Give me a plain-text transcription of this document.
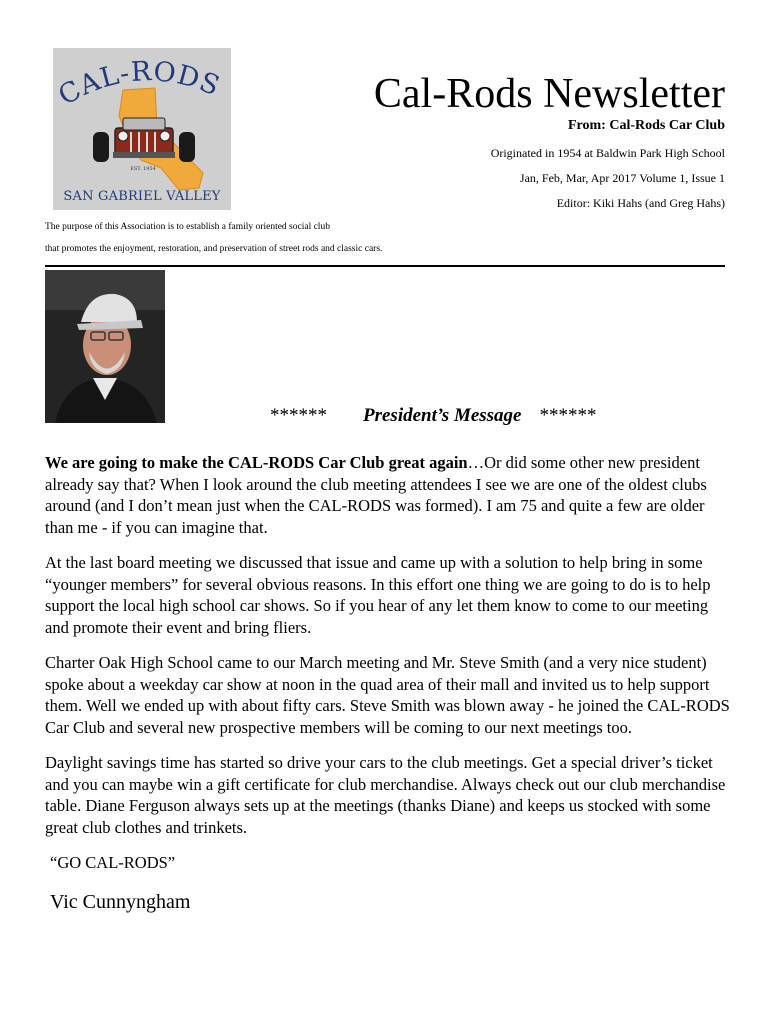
CAL-RODS
EST. 1954
SAN GABRIEL VALLEY
Cal-Rods Newsletter
From: Cal-Rods Car Club
Originated in 1954 at Baldwin Park High School
Jan, Feb, Mar, Apr 2017 Volume 1, Issue 1
Editor: Kiki Hahs (and Greg Hahs)
The purpose of this Association is to establish a family oriented social club
that promotes the enjoyment, restoration, and preservation of street rods and classic cars.
****** President’s Message ******

We are going to make the CAL-RODS Car Club great again…Or did some other new president already say that? When I look around the club meeting attendees I see we are one of the oldest clubs around (and I don’t mean just when the CAL-RODS was formed). I am 75 and quite a few are older than me - if you can imagine that.

At the last board meeting we discussed that issue and came up with a solution to help bring in some “younger members” for several obvious reasons. In this effort one thing we are going to do is to help support the local high school car shows. So if you hear of any let them know to come to our meeting and promote their event and bring fliers.

Charter Oak High School came to our March meeting and Mr. Steve Smith (and a very nice student) spoke about a weekday car show at noon in the quad area of their mall and invited us to help support them. Well we ended up with about fifty cars. Steve Smith was blown away - he joined the CAL-RODS Car Club and several new prospective members will be coming to our next meetings too.

Daylight savings time has started so drive your cars to the club meetings. Get a special driver’s ticket and you can maybe win a gift certificate for club merchandise. Always check out our club merchandise table. Diane Ferguson always sets up at the meetings (thanks Diane) and keeps us stocked with some great club clothes and trinkets.

“GO CAL-RODS”

Vic Cunnyngham
